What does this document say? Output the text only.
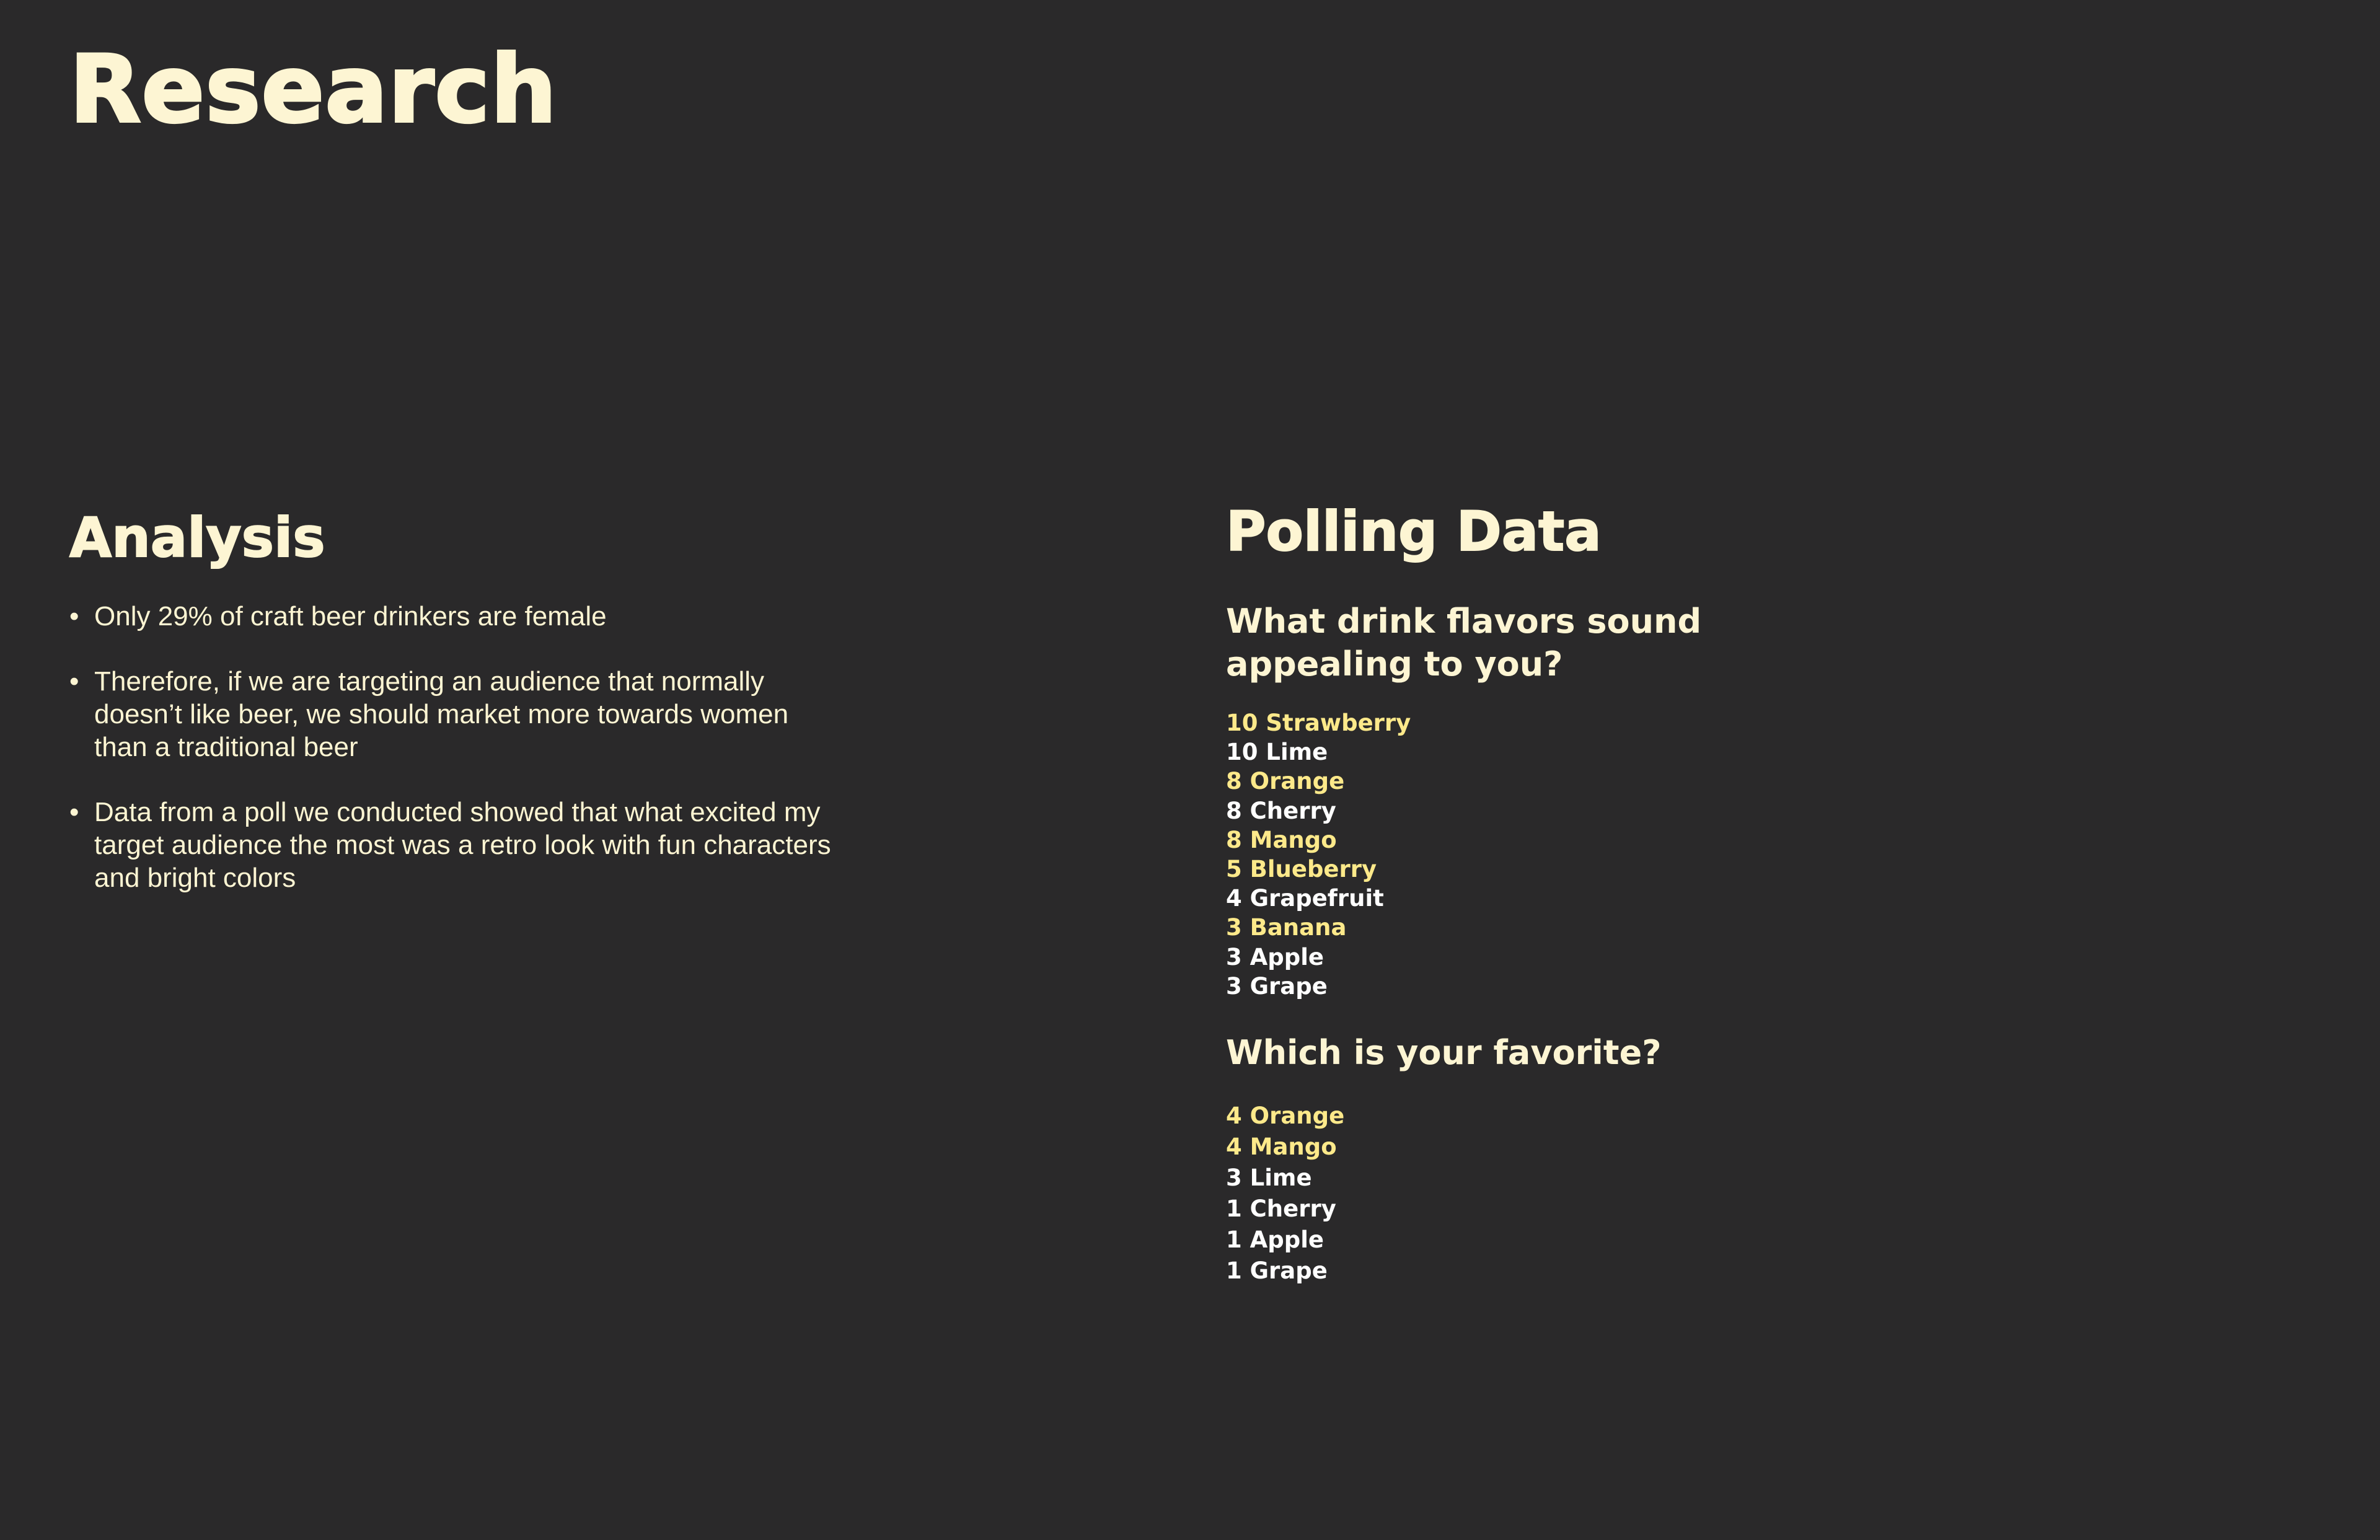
Research
Analysis
• Only 29% of craft beer drinkers are female
• Therefore, if we are targeting an audience that normally doesn’t like beer, we should market more towards women than a traditional beer
• Data from a poll we conducted showed that what excited my target audience the most was a retro look with fun characters and bright colors
Polling Data
What drink flavors sound appealing to you?
10 Strawberry
10 Lime
8 Orange
8 Cherry
8 Mango
5 Blueberry
4 Grapefruit
3 Banana
3 Apple
3 Grape
Which is your favorite?
4 Orange
4 Mango
3 Lime
1 Cherry
1 Apple
1 Grape
